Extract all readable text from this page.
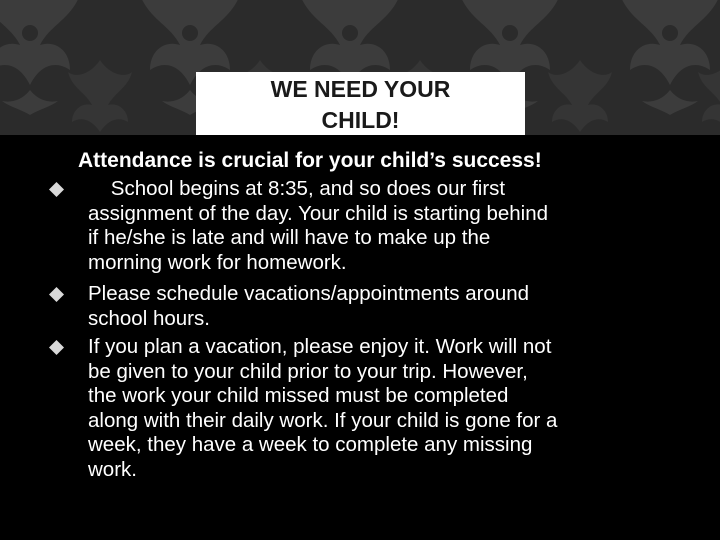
WE NEED YOUR
CHILD!
Attendance is crucial for your child’s success!
School begins at 8:35, and so does our first
assignment of the day. Your child is starting behind
if he/she is late and will have to make up the
morning work for homework.
Please schedule vacations/appointments around
school hours.
If you plan a vacation, please enjoy it. Work will not
be given to your child prior to your trip. However,
the work your child missed must be completed
along with their daily work. If your child is gone for a
week, they have a week to complete any missing
work.
